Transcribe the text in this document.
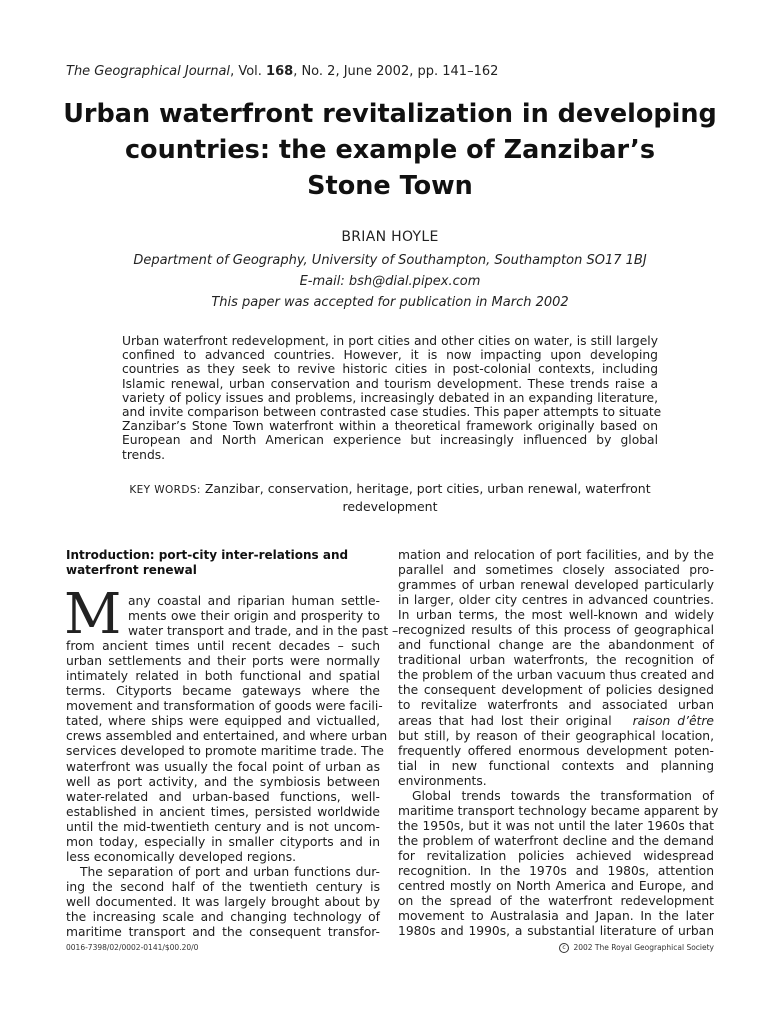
The Geographical Journal, Vol. 168, No. 2, June 2002, pp. 141–162
Urban waterfront revitalization in developing
countries: the example of Zanzibar’s
Stone Town
BRIAN HOYLE
Department of Geography, University of Southampton, Southampton SO17 1BJ
E-mail: bsh@dial.pipex.com
This paper was accepted for publication in March 2002
Urban waterfront redevelopment, in port cities and other cities on water, is still largely
confined to advanced countries. However, it is now impacting upon developing
countries as they seek to revive historic cities in post-colonial contexts, including
Islamic renewal, urban conservation and tourism development. These trends raise a
variety of policy issues and problems, increasingly debated in an expanding literature,
and invite comparison between contrasted case studies. This paper attempts to situate
Zanzibar’s Stone Town waterfront within a theoretical framework originally based on
European and North American experience but increasingly influenced by global
trends.
KEY WORDS: Zanzibar, conservation, heritage, port cities, urban renewal, waterfront
redevelopment
Introduction: port-city inter-relations and
waterfront renewal
M any coastal and riparian human settle-
ments owe their origin and prosperity to
water transport and trade, and in the past –
from ancient times until recent decades – such
urban settlements and their ports were normally
intimately related in both functional and spatial
terms. Cityports became gateways where the
movement and transformation of goods were facili-
tated, where ships were equipped and victualled,
crews assembled and entertained, and where urban
services developed to promote maritime trade. The
waterfront was usually the focal point of urban as
well as port activity, and the symbiosis between
water-related and urban-based functions, well-
established in ancient times, persisted worldwide
until the mid-twentieth century and is not uncom-
mon today, especially in smaller cityports and in
less economically developed regions.
The separation of port and urban functions dur-
ing the second half of the twentieth century is
well documented. It was largely brought about by
the increasing scale and changing technology of
maritime transport and the consequent transfor-
mation and relocation of port facilities, and by the
parallel and sometimes closely associated pro-
grammes of urban renewal developed particularly
in larger, older city centres in advanced countries.
In urban terms, the most well-known and widely
recognized results of this process of geographical
and functional change are the abandonment of
traditional urban waterfronts, the recognition of
the problem of the urban vacuum thus created and
the consequent development of policies designed
to revitalize waterfronts and associated urban
areas that had lost their original raison d’être
but still, by reason of their geographical location,
frequently offered enormous development poten-
tial in new functional contexts and planning
environments.
Global trends towards the transformation of
maritime transport technology became apparent by
the 1950s, but it was not until the later 1960s that
the problem of waterfront decline and the demand
for revitalization policies achieved widespread
recognition. In the 1970s and 1980s, attention
centred mostly on North America and Europe, and
on the spread of the waterfront redevelopment
movement to Australasia and Japan. In the later
1980s and 1990s, a substantial literature of urban
0016-7398/02/0002-0141/$00.20/0	c 2002 The Royal Geographical Society
